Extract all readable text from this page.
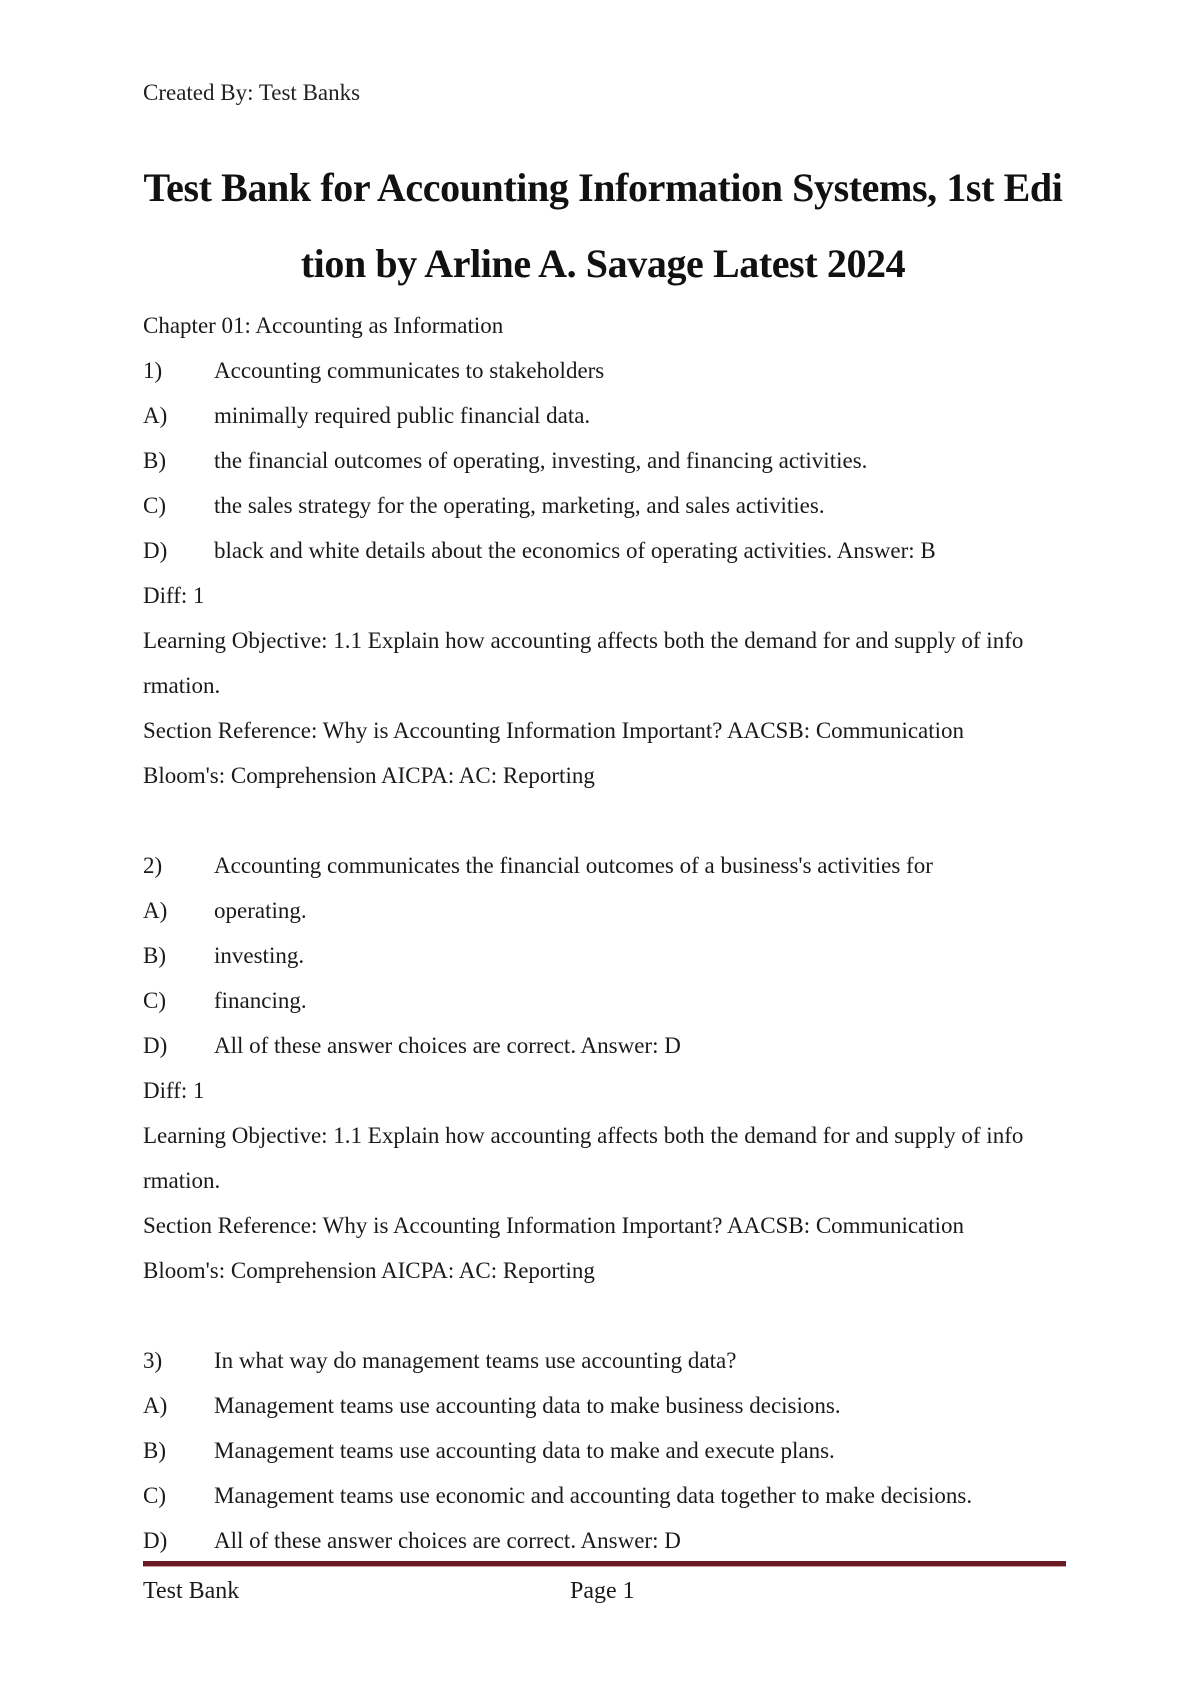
Created By: Test Banks
Test Bank for Accounting Information Systems, 1st Edi
tion by Arline A. Savage Latest 2024
Chapter 01: Accounting as Information
1)	Accounting communicates to stakeholders
A)	minimally required public financial data.
B)	the financial outcomes of operating, investing, and financing activities.
C)	the sales strategy for the operating, marketing, and sales activities.
D)	black and white details about the economics of operating activities. Answer: B
Diff: 1
Learning Objective: 1.1 Explain how accounting affects both the demand for and supply of info
rmation.
Section Reference: Why is Accounting Information Important? AACSB: Communication
Bloom's: Comprehension AICPA: AC: Reporting
2)	Accounting communicates the financial outcomes of a business's activities for
A)	operating.
B)	investing.
C)	financing.
D)	All of these answer choices are correct. Answer: D
Diff: 1
Learning Objective: 1.1 Explain how accounting affects both the demand for and supply of info
rmation.
Section Reference: Why is Accounting Information Important? AACSB: Communication
Bloom's: Comprehension AICPA: AC: Reporting
3)	In what way do management teams use accounting data?
A)	Management teams use accounting data to make business decisions.
B)	Management teams use accounting data to make and execute plans.
C)	Management teams use economic and accounting data together to make decisions.
D)	All of these answer choices are correct. Answer: D
Test Bank	Page 1
